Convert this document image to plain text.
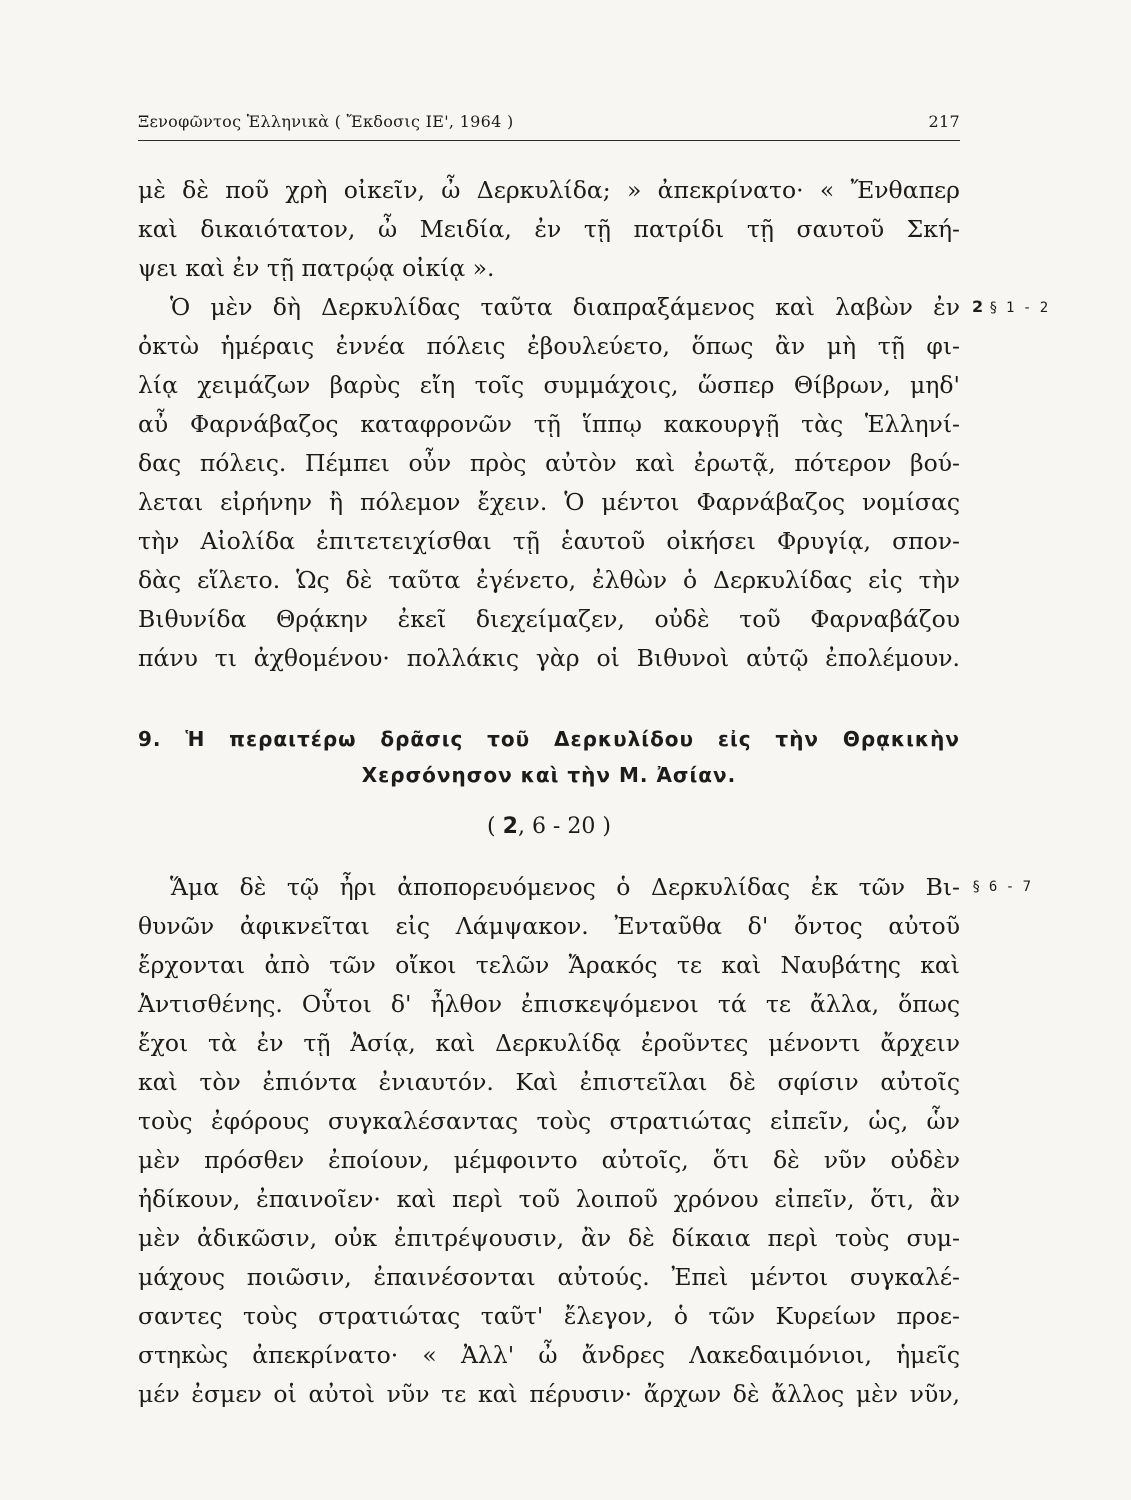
Ξενοφῶντος Ἑλληνικὰ ( Ἔκδοσις ΙΕ', 1964 )	217
μὲ δὲ ποῦ χρὴ οἰκεῖν, ὦ Δερκυλίδα; » ἀπεκρίνατο· « Ἔνθαπερ
καὶ δικαιότατον, ὦ Μειδία, ἐν τῇ πατρίδι τῇ σαυτοῦ Σκή-
ψει καὶ ἐν τῇ πατρῴᾳ οἰκίᾳ ».
Ὁ μὲν δὴ Δερκυλίδας ταῦτα διαπραξάμενος καὶ λαβὼν ἐν 2 § 1 - 2
ὀκτὼ ἡμέραις ἐννέα πόλεις ἐβουλεύετο, ὅπως ἂν μὴ τῇ φι-
λίᾳ χειμάζων βαρὺς εἴη τοῖς συμμάχοις, ὥσπερ Θίβρων, μηδ'
αὖ Φαρνάβαζος καταφρονῶν τῇ ἵππῳ κακουργῇ τὰς Ἑλληνί-
δας πόλεις. Πέμπει οὖν πρὸς αὐτὸν καὶ ἐρωτᾷ, πότερον βού-
λεται εἰρήνην ἢ πόλεμον ἔχειν. Ὁ μέντοι Φαρνάβαζος νομίσας
τὴν Αἰολίδα ἐπιτετειχίσθαι τῇ ἑαυτοῦ οἰκήσει Φρυγίᾳ, σπον-
δὰς εἵλετο. Ὡς δὲ ταῦτα ἐγένετο, ἐλθὼν ὁ Δερκυλίδας εἰς τὴν
Βιθυνίδα Θρᾴκην ἐκεῖ διεχείμαζεν, οὐδὲ τοῦ Φαρναβάζου
πάνυ τι ἀχθομένου· πολλάκις γὰρ οἱ Βιθυνοὶ αὐτῷ ἐπολέμουν.
9. Ἡ περαιτέρω δρᾶσις τοῦ Δερκυλίδου εἰς τὴν Θρᾳκικὴν
Χερσόνησον καὶ τὴν Μ. Ἀσίαν.
( 2, 6 - 20 )
Ἅμα δὲ τῷ ἦρι ἀποπορευόμενος ὁ Δερκυλίδας ἐκ τῶν Βι- § 6 - 7
θυνῶν ἀφικνεῖται εἰς Λάμψακον. Ἐνταῦθα δ' ὄντος αὐτοῦ
ἔρχονται ἀπὸ τῶν οἴκοι τελῶν Ἄρακός τε καὶ Ναυβάτης καὶ
Ἀντισθένης. Οὗτοι δ' ἦλθον ἐπισκεψόμενοι τά τε ἄλλα, ὅπως
ἔχοι τὰ ἐν τῇ Ἀσίᾳ, καὶ Δερκυλίδᾳ ἐροῦντες μένοντι ἄρχειν
καὶ τὸν ἐπιόντα ἐνιαυτόν. Καὶ ἐπιστεῖλαι δὲ σφίσιν αὐτοῖς
τοὺς ἐφόρους συγκαλέσαντας τοὺς στρατιώτας εἰπεῖν, ὡς, ὧν
μὲν πρόσθεν ἐποίουν, μέμφοιντο αὐτοῖς, ὅτι δὲ νῦν οὐδὲν
ἠδίκουν, ἐπαινοῖεν· καὶ περὶ τοῦ λοιποῦ χρόνου εἰπεῖν, ὅτι, ἂν
μὲν ἀδικῶσιν, οὐκ ἐπιτρέψουσιν, ἂν δὲ δίκαια περὶ τοὺς συμ-
μάχους ποιῶσιν, ἐπαινέσονται αὐτούς. Ἐπεὶ μέντοι συγκαλέ-
σαντες τοὺς στρατιώτας ταῦτ' ἔλεγον, ὁ τῶν Κυρείων προε-
στηκὼς ἀπεκρίνατο· « Ἀλλ' ὦ ἄνδρες Λακεδαιμόνιοι, ἡμεῖς
μέν ἐσμεν οἱ αὐτοὶ νῦν τε καὶ πέρυσιν· ἄρχων δὲ ἄλλος μὲν νῦν,
